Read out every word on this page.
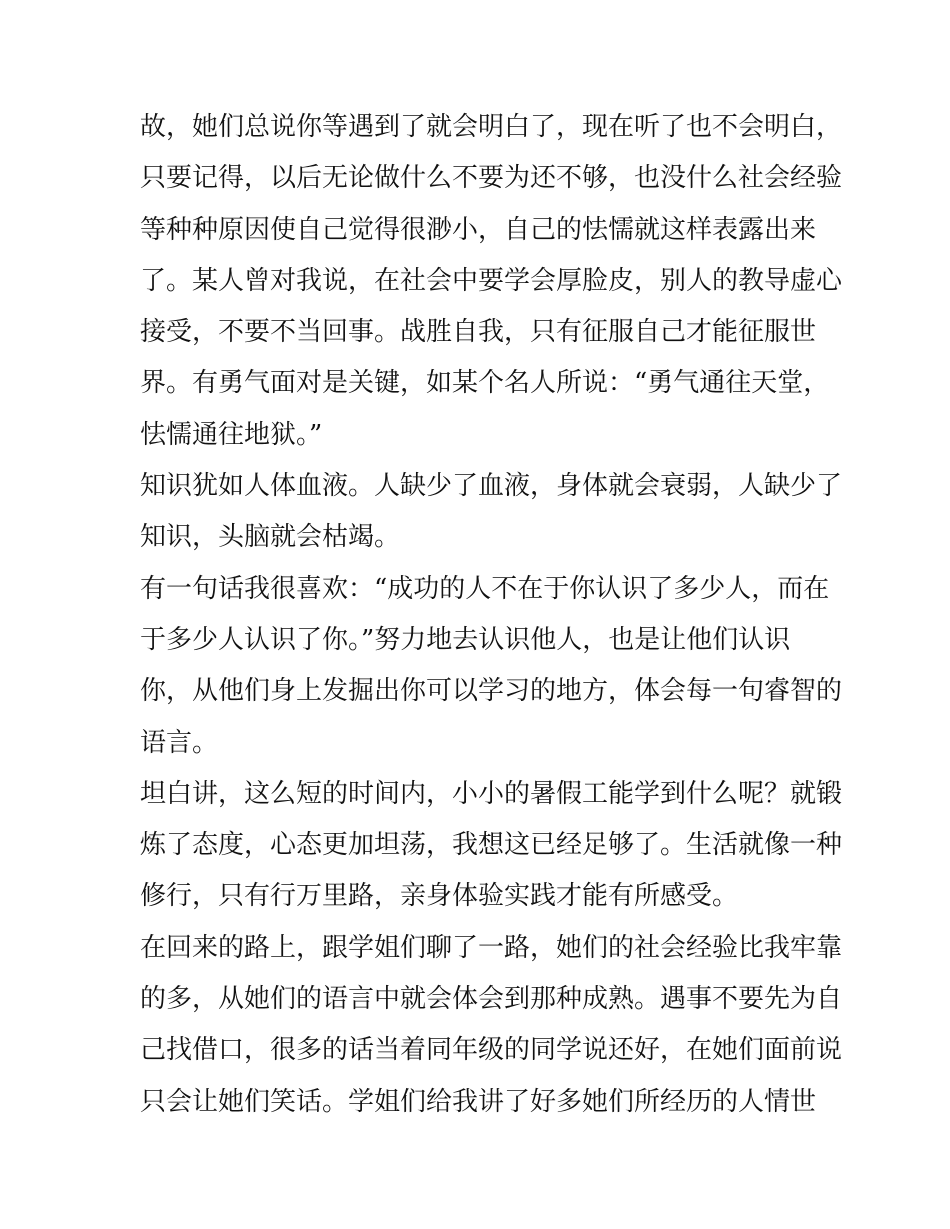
故，她们总说你等遇到了就会明白了，现在听了也不会明白，
只要记得，以后无论做什么不要为还不够，也没什么社会经验
等种种原因使自己觉得很渺小，自己的怯懦就这样表露出来
了。某人曾对我说，在社会中要学会厚脸皮，别人的教导虚心
接受，不要不当回事。战胜自我，只有征服自己才能征服世
界。有勇气面对是关键，如某个名人所说：“勇气通往天堂，
怯懦通往地狱。”
知识犹如人体血液。人缺少了血液，身体就会衰弱，人缺少了
知识，头脑就会枯竭。
有一句话我很喜欢：“成功的人不在于你认识了多少人，而在
于多少人认识了你。”努力地去认识他人，也是让他们认识
你，从他们身上发掘出你可以学习的地方，体会每一句睿智的
语言。
坦白讲，这么短的时间内，小小的暑假工能学到什么呢？就锻
炼了态度，心态更加坦荡，我想这已经足够了。生活就像一种
修行，只有行万里路，亲身体验实践才能有所感受。
在回来的路上，跟学姐们聊了一路，她们的社会经验比我牢靠
的多，从她们的语言中就会体会到那种成熟。遇事不要先为自
己找借口，很多的话当着同年级的同学说还好，在她们面前说
只会让她们笑话。学姐们给我讲了好多她们所经历的人情世
